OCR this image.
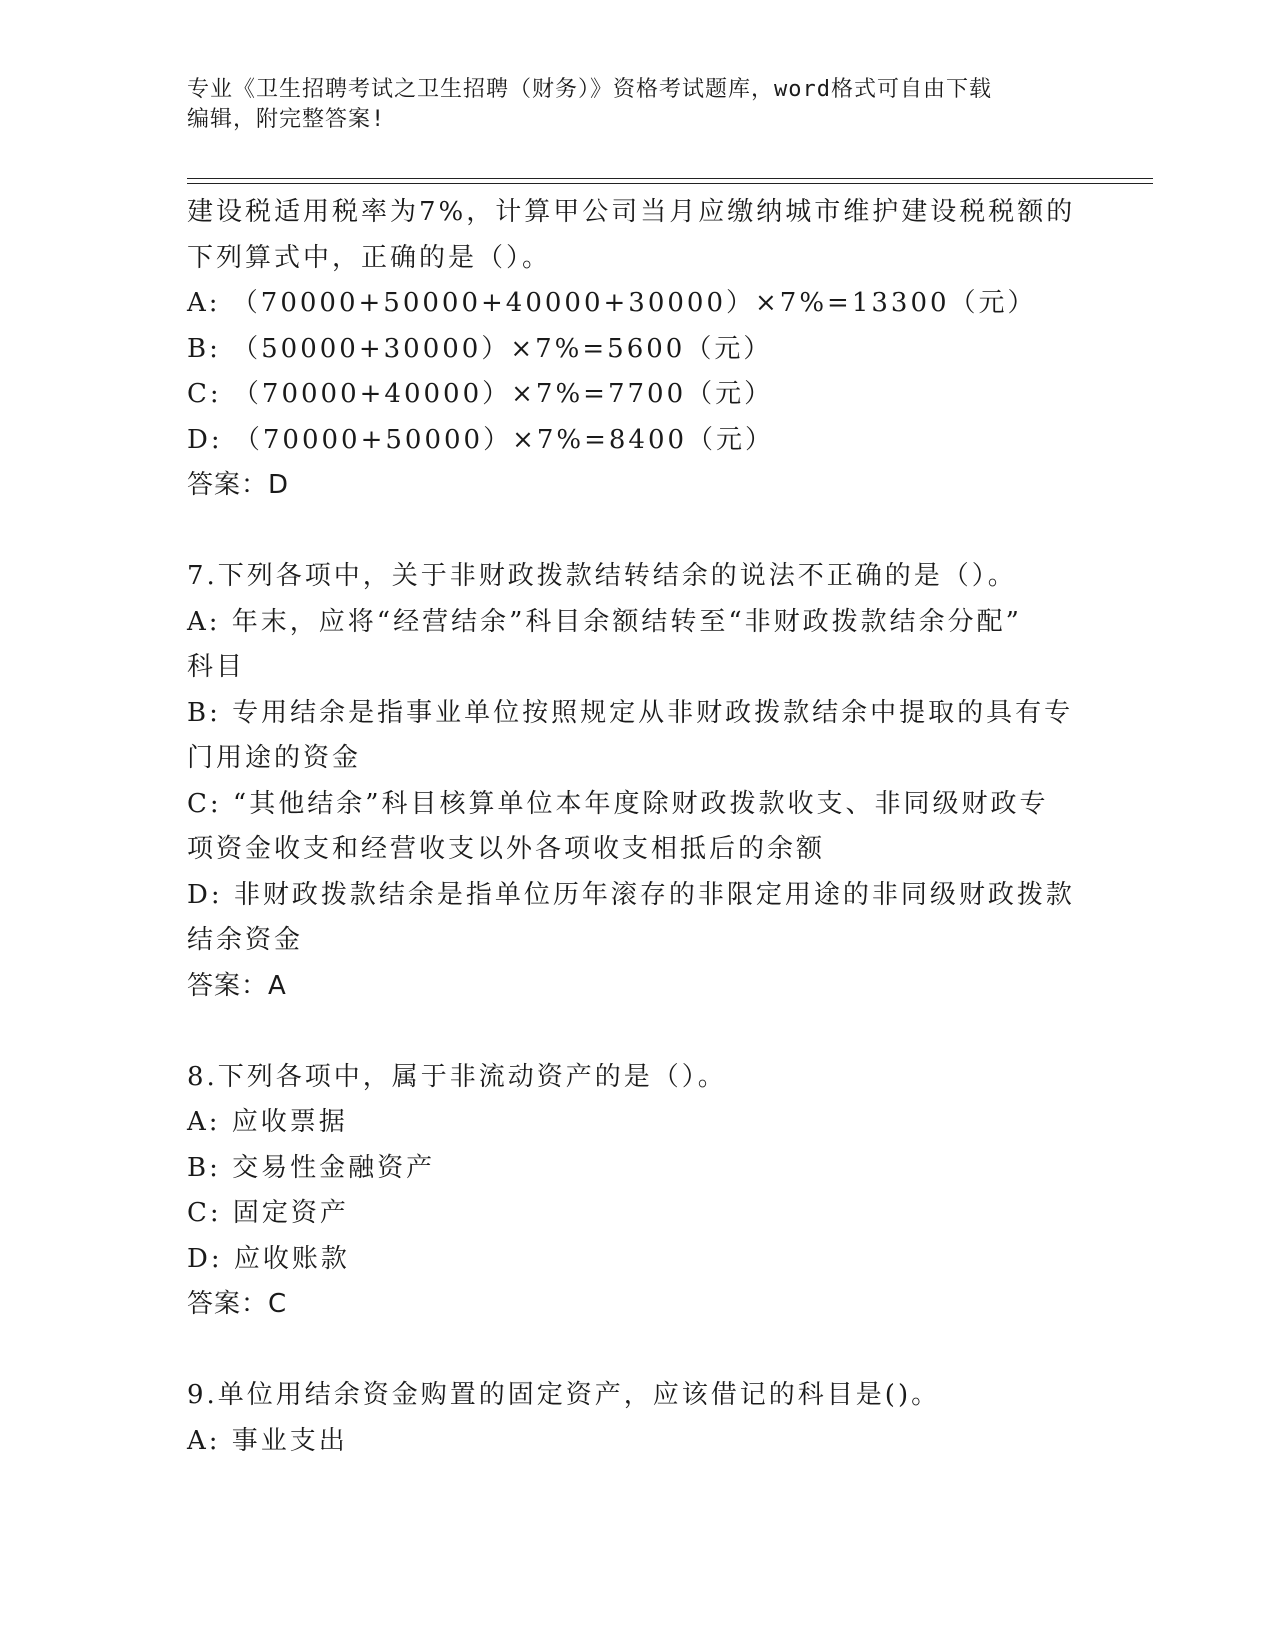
专业《卫生招聘考试之卫生招聘（财务）》资格考试题库，word格式可自由下载
编辑，附完整答案!
建设税适用税率为7%，计算甲公司当月应缴纳城市维护建设税税额的
下列算式中，正确的是（）。
A: （70000+50000+40000+30000）×7%=13300（元）
B: （50000+30000）×7%=5600（元）
C: （70000+40000）×7%=7700（元）
D: （70000+50000）×7%=8400（元）
答案：D
7.下列各项中，关于非财政拨款结转结余的说法不正确的是（）。
A: 年末，应将“经营结余”科目余额结转至“非财政拨款结余分配”
科目
B: 专用结余是指事业单位按照规定从非财政拨款结余中提取的具有专
门用途的资金
C: “其他结余”科目核算单位本年度除财政拨款收支、非同级财政专
项资金收支和经营收支以外各项收支相抵后的余额
D: 非财政拨款结余是指单位历年滚存的非限定用途的非同级财政拨款
结余资金
答案：A
8.下列各项中，属于非流动资产的是（）。
A: 应收票据
B: 交易性金融资产
C: 固定资产
D: 应收账款
答案：C
9.单位用结余资金购置的固定资产，应该借记的科目是()。
A: 事业支出
